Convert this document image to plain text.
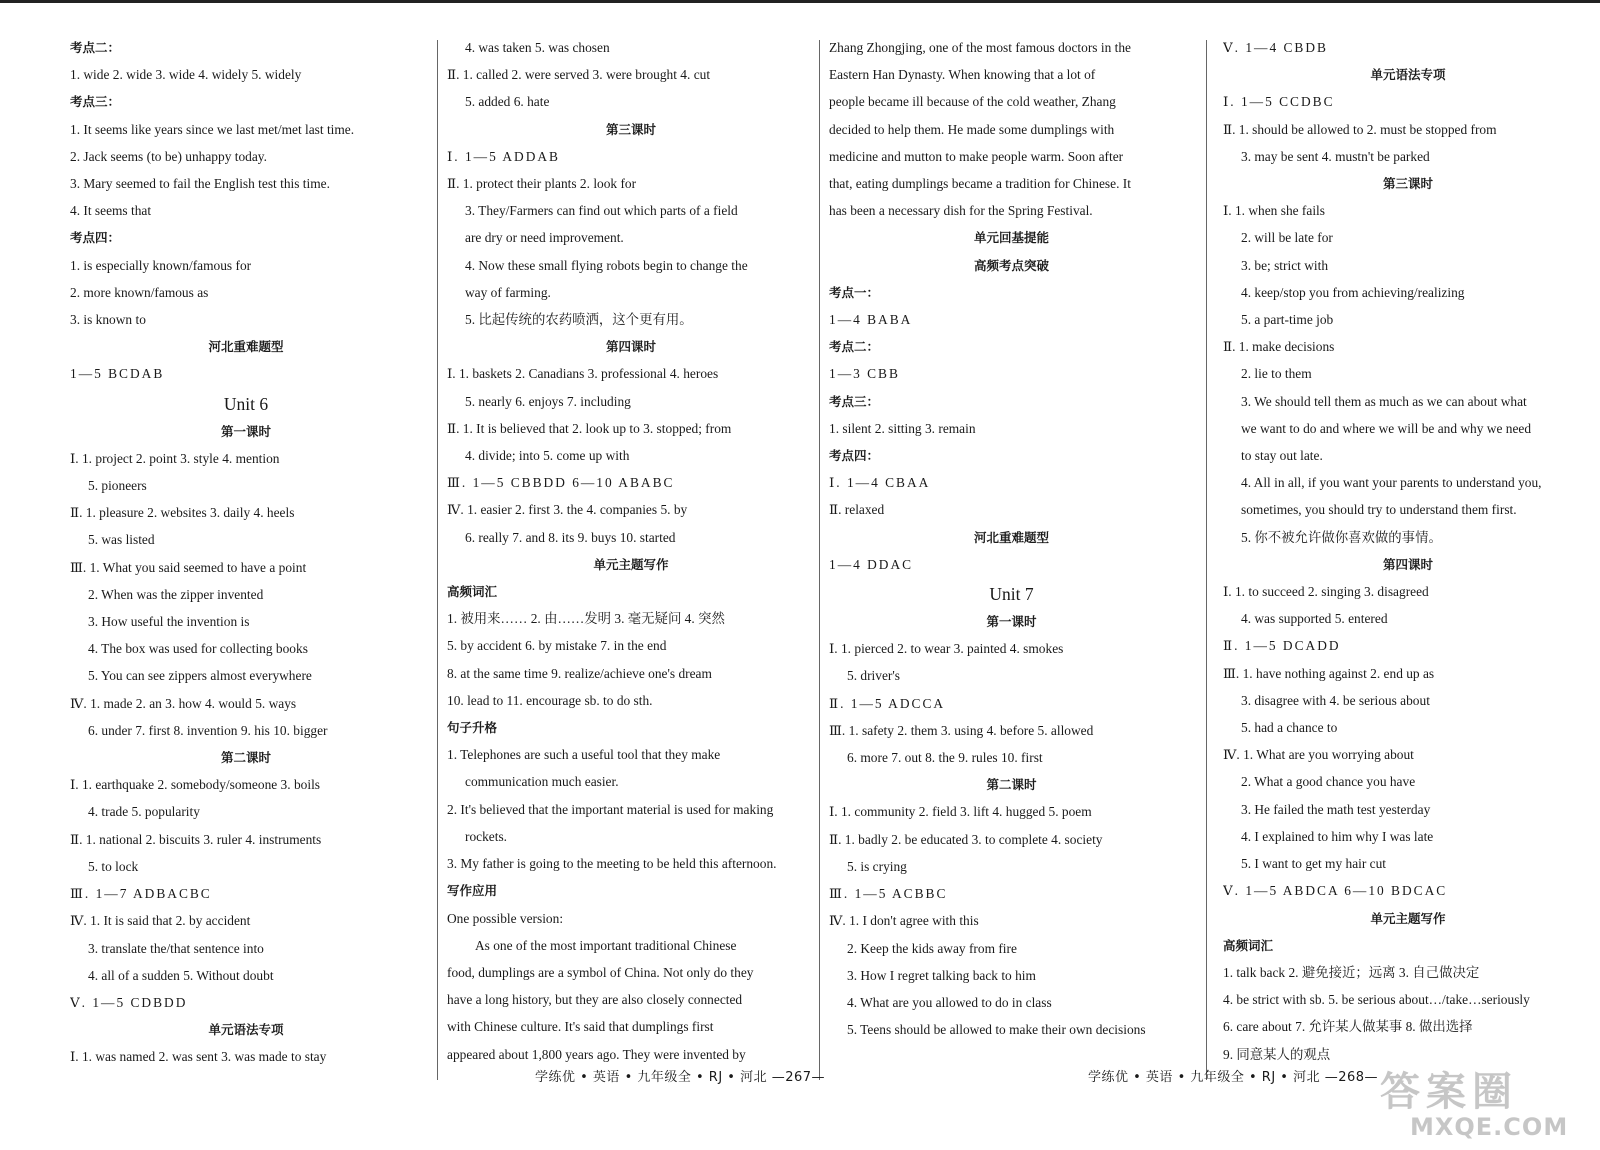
考点二：
1. wide 2. wide 3. wide 4. widely 5. widely
考点三：
1. It seems like years since we last met/met last time.
2. Jack seems (to be) unhappy today.
3. Mary seemed to fail the English test this time.
4. It seems that
考点四：
1. is especially known/famous for
2. more known/famous as
3. is known to
河北重难题型
1—5 BCDAB
Unit 6
第一课时
Ⅰ. 1. project 2. point 3. style 4. mention
5. pioneers
Ⅱ. 1. pleasure 2. websites 3. daily 4. heels
5. was listed
Ⅲ. 1. What you said seemed to have a point
2. When was the zipper invented
3. How useful the invention is
4. The box was used for collecting books
5. You can see zippers almost everywhere
Ⅳ. 1. made 2. an 3. how 4. would 5. ways
6. under 7. first 8. invention 9. his 10. bigger
第二课时
Ⅰ. 1. earthquake 2. somebody/someone 3. boils
4. trade 5. popularity
Ⅱ. 1. national 2. biscuits 3. ruler 4. instruments
5. to lock
Ⅲ. 1—7 ADBACBC
Ⅳ. 1. It is said that 2. by accident
3. translate the/that sentence into
4. all of a sudden 5. Without doubt
Ⅴ. 1—5 CDBDD
单元语法专项
Ⅰ. 1. was named 2. was sent 3. was made to stay
4. was taken 5. was chosen
Ⅱ. 1. called 2. were served 3. were brought 4. cut
5. added 6. hate
第三课时
Ⅰ. 1—5 ADDAB
Ⅱ. 1. protect their plants 2. look for
3. They/Farmers can find out which parts of a field
are dry or need improvement.
4. Now these small flying robots begin to change the
way of farming.
5. 比起传统的农药喷洒，这个更有用。
第四课时
Ⅰ. 1. baskets 2. Canadians 3. professional 4. heroes
5. nearly 6. enjoys 7. including
Ⅱ. 1. It is believed that 2. look up to 3. stopped; from
4. divide; into 5. come up with
Ⅲ. 1—5 CBBDD 6—10 ABABC
Ⅳ. 1. easier 2. first 3. the 4. companies 5. by
6. really 7. and 8. its 9. buys 10. started
单元主题写作
高频词汇
1. 被用来…… 2. 由……发明 3. 毫无疑问 4. 突然
5. by accident 6. by mistake 7. in the end
8. at the same time 9. realize/achieve one's dream
10. lead to 11. encourage sb. to do sth.
句子升格
1. Telephones are such a useful tool that they make
communication much easier.
2. It's believed that the important material is used for making
rockets.
3. My father is going to the meeting to be held this afternoon.
写作应用
One possible version:
As one of the most important traditional Chinese
food, dumplings are a symbol of China. Not only do they
have a long history, but they are also closely connected
with Chinese culture. It's said that dumplings first
appeared about 1,800 years ago. They were invented by
Zhang Zhongjing, one of the most famous doctors in the
Eastern Han Dynasty. When knowing that a lot of
people became ill because of the cold weather, Zhang
decided to help them. He made some dumplings with
medicine and mutton to make people warm. Soon after
that, eating dumplings became a tradition for Chinese. It
has been a necessary dish for the Spring Festival.
单元回基提能
高频考点突破
考点一：
1—4 BABA
考点二：
1—3 CBB
考点三：
1. silent 2. sitting 3. remain
考点四：
Ⅰ. 1—4 CBAA
Ⅱ. relaxed
河北重难题型
1—4 DDAC
Unit 7
第一课时
Ⅰ. 1. pierced 2. to wear 3. painted 4. smokes
5. driver's
Ⅱ. 1—5 ADCCA
Ⅲ. 1. safety 2. them 3. using 4. before 5. allowed
6. more 7. out 8. the 9. rules 10. first
第二课时
Ⅰ. 1. community 2. field 3. lift 4. hugged 5. poem
Ⅱ. 1. badly 2. be educated 3. to complete 4. society
5. is crying
Ⅲ. 1—5 ACBBC
Ⅳ. 1. I don't agree with this
2. Keep the kids away from fire
3. How I regret talking back to him
4. What are you allowed to do in class
5. Teens should be allowed to make their own decisions
Ⅴ. 1—4 CBDB
单元语法专项
Ⅰ. 1—5 CCDBC
Ⅱ. 1. should be allowed to 2. must be stopped from
3. may be sent 4. mustn't be parked
第三课时
Ⅰ. 1. when she fails
2. will be late for
3. be; strict with
4. keep/stop you from achieving/realizing
5. a part-time job
Ⅱ. 1. make decisions
2. lie to them
3. We should tell them as much as we can about what
we want to do and where we will be and why we need
to stay out late.
4. All in all, if you want your parents to understand you,
sometimes, you should try to understand them first.
5. 你不被允许做你喜欢做的事情。
第四课时
Ⅰ. 1. to succeed 2. singing 3. disagreed
4. was supported 5. entered
Ⅱ. 1—5 DCADD
Ⅲ. 1. have nothing against 2. end up as
3. disagree with 4. be serious about
5. had a chance to
Ⅳ. 1. What are you worrying about
2. What a good chance you have
3. He failed the math test yesterday
4. I explained to him why I was late
5. I want to get my hair cut
Ⅴ. 1—5 ABDCA 6—10 BDCAC
单元主题写作
高频词汇
1. talk back 2. 避免接近；远离 3. 自己做决定
4. be strict with sb. 5. be serious about…/take…seriously
6. care about 7. 允许某人做某事 8. 做出选择
9. 同意某人的观点
学练优 • 英语 • 九年级全 • RJ • 河北 —267—	学练优 • 英语 • 九年级全 • RJ • 河北 —268— 答案圈
MXQE.COM
